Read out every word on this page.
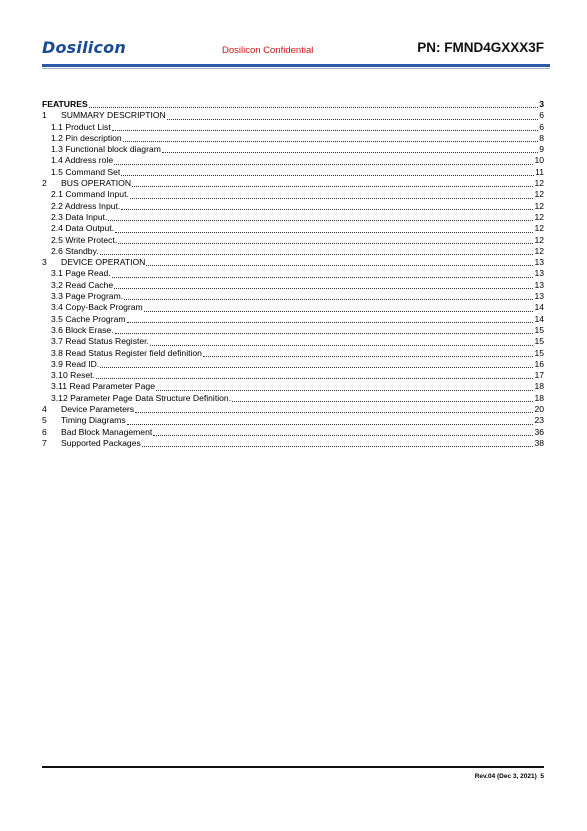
Dosilicon	Dosilicon Confidential	PN: FMND4GXXX3F
FEATURES	3
1	SUMMARY DESCRIPTION	6
1.1 Product List	6
1.2 Pin description	8
1.3 Functional block diagram	9
1.4 Address role	10
1.5 Command Set	11
2	BUS OPERATION	12
2.1 Command Input.	12
2.2 Address Input.	12
2.3 Data Input.	12
2.4 Data Output.	12
2.5 Write Protect.	12
2.6 Standby.	12
3	DEVICE OPERATION	13
3.1 Page Read.	13
3.2 Read Cache	13
3.3 Page Program.	13
3.4 Copy-Back Program	14
3.5 Cache Program	14
3.6 Block Erase.	15
3.7 Read Status Register.	15
3.8 Read Status Register field definition	15
3.9 Read ID.	16
3.10 Reset.	17
3.11 Read Parameter Page	18
3.12 Parameter Page Data Structure Definition.	18
4	Device Parameters	20
5	Timing Diagrams	23
6	Bad Block Management	36
7	Supported Packages	38
Rev.04 (Dec 3, 2021) 5
